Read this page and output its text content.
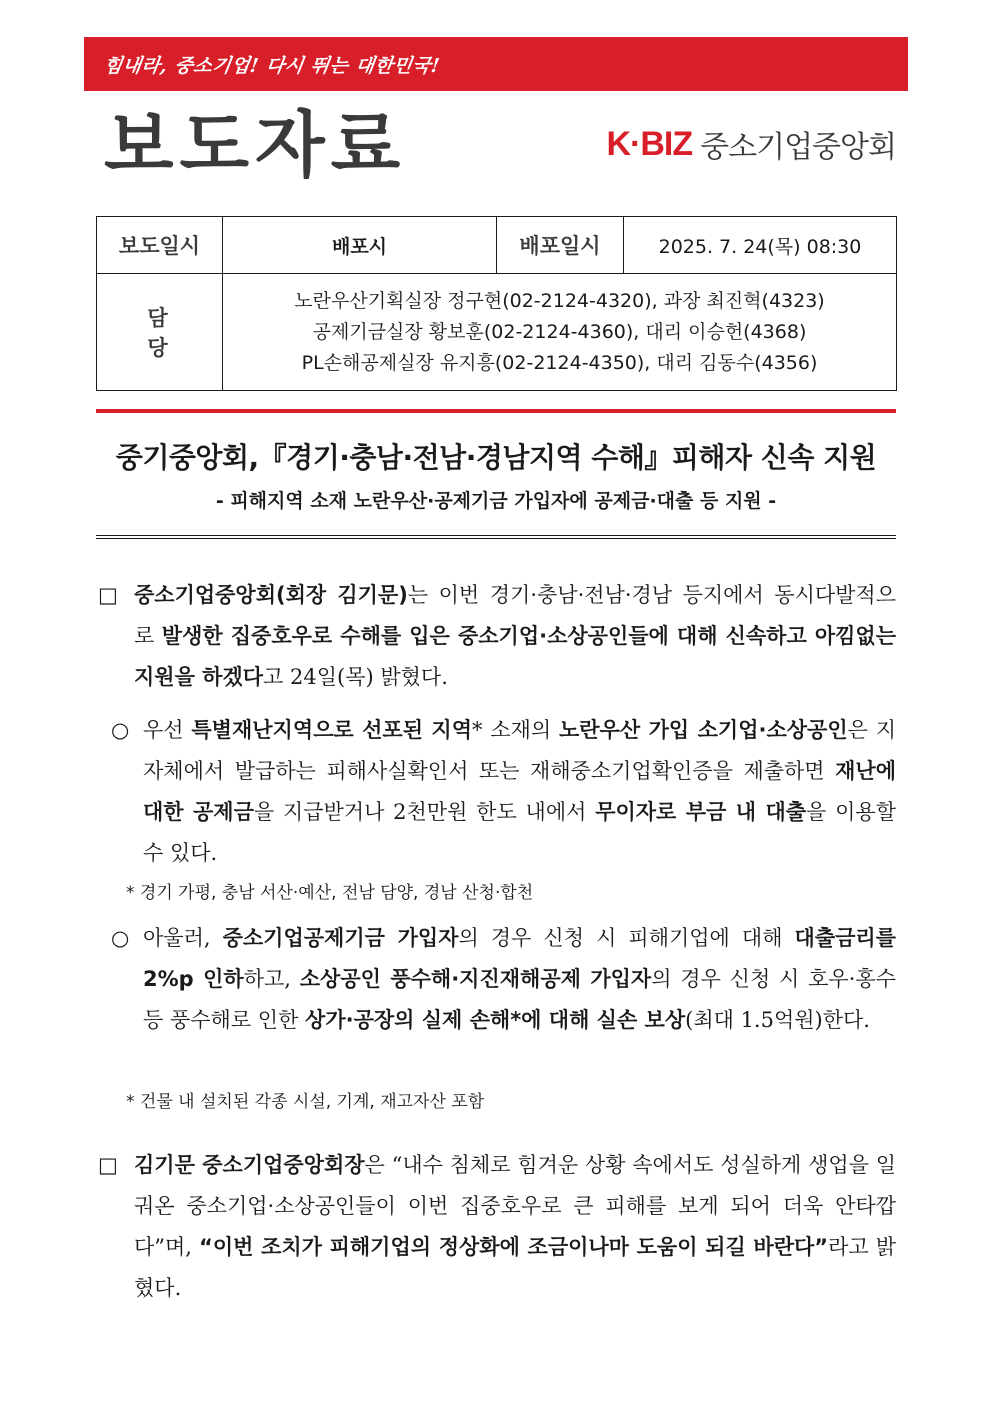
힘내라, 중소기업! 다시 뛰는 대한민국!
보도자료	K·BIZ 중소기업중앙회
보도일시	배포시	배포일시	2025. 7. 24(목) 08:30
담 당	노란우산기획실장 정구현(02-2124-4320), 과장 최진혁(4323)
공제기금실장 황보훈(02-2124-4360), 대리 이승헌(4368)
PL손해공제실장 유지흥(02-2124-4350), 대리 김동수(4356)		
중기중앙회,『경기·충남·전남·경남지역 수해』피해자 신속 지원
- 피해지역 소재 노란우산·공제기금 가입자에 공제금·대출 등 지원 -
□ 중소기업중앙회(회장 김기문)는 이번 경기·충남·전남·경남 등지에서 동시다발적으로 발생한 집중호우로 수해를 입은 중소기업·소상공인들에 대해 신속하고 아낌없는 지원을 하겠다고 24일(목) 밝혔다.
○ 우선 특별재난지역으로 선포된 지역* 소재의 노란우산 가입 소기업·소상공인은 지자체에서 발급하는 피해사실확인서 또는 재해중소기업확인증을 제출하면 재난에 대한 공제금을 지급받거나 2천만원 한도 내에서 무이자로 부금 내 대출을 이용할 수 있다.
* 경기 가평, 충남 서산·예산, 전남 담양, 경남 산청·합천
○ 아울러, 중소기업공제기금 가입자의 경우 신청 시 피해기업에 대해 대출금리를 2%p 인하하고, 소상공인 풍수해·지진재해공제 가입자의 경우 신청 시 호우·홍수 등 풍수해로 인한 상가·공장의 실제 손해*에 대해 실손 보상(최대 1.5억원)한다.
* 건물 내 설치된 각종 시설, 기계, 재고자산 포함
□ 김기문 중소기업중앙회장은 “내수 침체로 힘겨운 상황 속에서도 성실하게 생업을 일궈온 중소기업·소상공인들이 이번 집중호우로 큰 피해를 보게 되어 더욱 안타깝다”며, “이번 조치가 피해기업의 정상화에 조금이나마 도움이 되길 바란다”라고 밝혔다.
